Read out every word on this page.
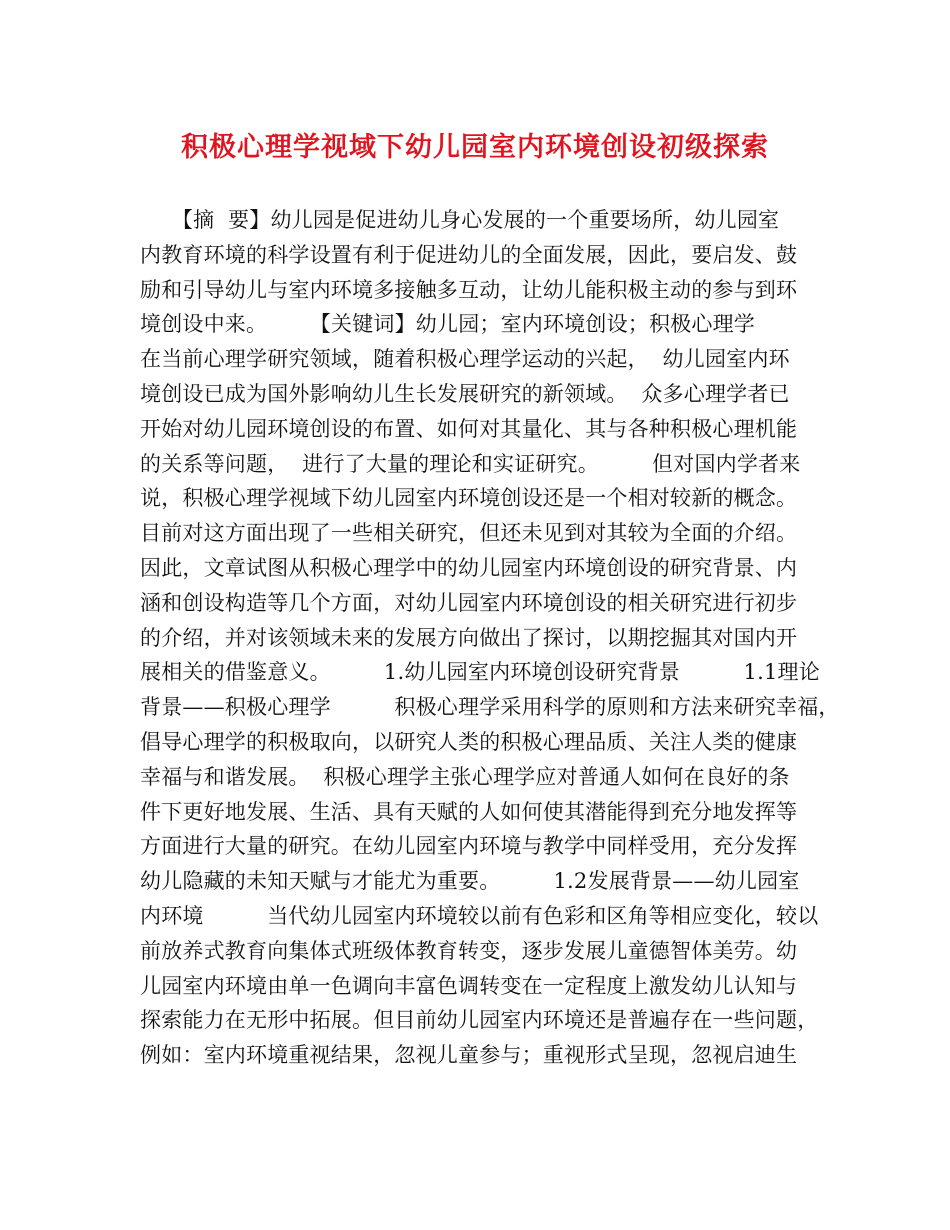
积极心理学视域下幼儿园室内环境创设初级探索
　　【摘  要】幼儿园是促进幼儿身心发展的一个重要场所，幼儿园室
内教育环境的科学设置有利于促进幼儿的全面发展，因此，要启发、鼓
励和引导幼儿与室内环境多接触多互动，让幼儿能积极主动的参与到环
境创设中来。　　　【关键词】幼儿园；室内环境创设；积极心理学
在当前心理学研究领域，随着积极心理学运动的兴起，  幼儿园室内环
境创设已成为国外影响幼儿生长发展研究的新领域。  众多心理学者已
开始对幼儿园环境创设的布置、如何对其量化、其与各种积极心理机能
的关系等问题，  进行了大量的理论和实证研究。　　　但对国内学者来
说，积极心理学视域下幼儿园室内环境创设还是一个相对较新的概念。
目前对这方面出现了一些相关研究，但还未见到对其较为全面的介绍。
因此，文章试图从积极心理学中的幼儿园室内环境创设的研究背景、内
涵和创设构造等几个方面，对幼儿园室内环境创设的相关研究进行初步
的介绍，并对该领域未来的发展方向做出了探讨，以期挖掘其对国内开
展相关的借鉴意义。　　　1.幼儿园室内环境创设研究背景　　　1.1理论
背景——积极心理学　　　积极心理学采用科学的原则和方法来研究幸福，
倡导心理学的积极取向，以研究人类的积极心理品质、关注人类的健康
幸福与和谐发展。  积极心理学主张心理学应对普通人如何在良好的条
件下更好地发展、生活、具有天赋的人如何使其潜能得到充分地发挥等
方面进行大量的研究。在幼儿园室内环境与教学中同样受用，充分发挥
幼儿隐藏的未知天赋与才能尤为重要。　　　1.2发展背景——幼儿园室
内环境　　　当代幼儿园室内环境较以前有色彩和区角等相应变化，较以
前放养式教育向集体式班级体教育转变，逐步发展儿童德智体美劳。幼
儿园室内环境由单一色调向丰富色调转变在一定程度上激发幼儿认知与
探索能力在无形中拓展。但目前幼儿园室内环境还是普遍存在一些问题，
例如：室内环境重视结果，忽视儿童参与；重视形式呈现，忽视启迪生
